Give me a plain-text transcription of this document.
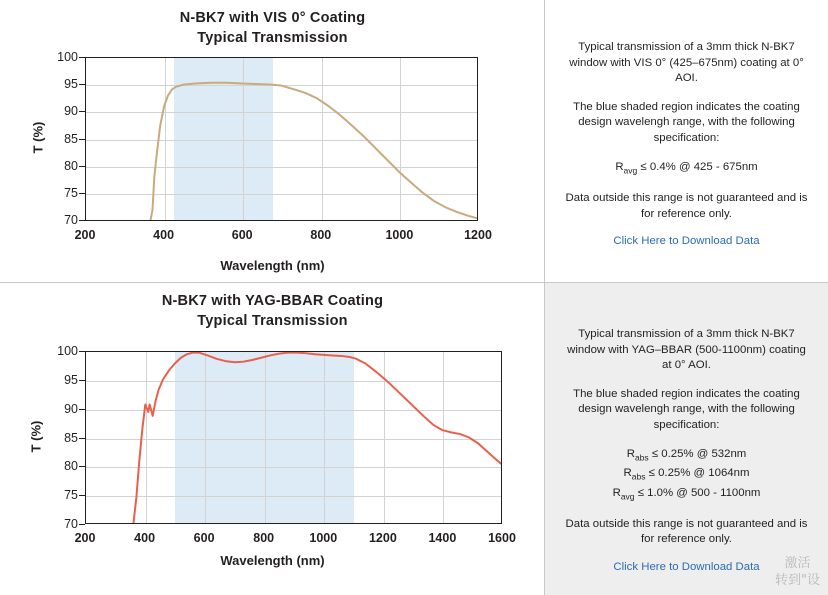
N-BK7 with VIS 0° Coating
Typical Transmission
100
95
90
85
80
75
70
200	400	600	800	1000	1200
T (%)
Wavelength (nm)

Typical transmission of a 3mm thick N-BK7 window with VIS 0° (425–675nm) coating at 0° AOI.

The blue shaded region indicates the coating design wavelengh range, with the following specification:

$R_{avg} \le 0.4\%$ @ 425 - 675nm

Data outside this range is not guaranteed and is for reference only.

Click Here to Download Data
N-BK7 with YAG-BBAR Coating
Typical Transmission
100
95
90
85
80
75
70
200	400	600	800	1000	1200	1400	1600
T (%)
Wavelength (nm)

Typical transmission of a 3mm thick N-BK7 window with YAG–BBAR (500-1100nm) coating at 0° AOI.

The blue shaded region indicates the coating design wavelengh range, with the following specification:

$R_{abs} \le 0.25\%$ @ 532nm
$R_{abs} \le 0.25\%$ @ 1064nm
$R_{avg} \le 1.0\%$ @ 500 - 1100nm

Data outside this range is not guaranteed and is for reference only.

Click Here to Download Data	激活
转到"设
